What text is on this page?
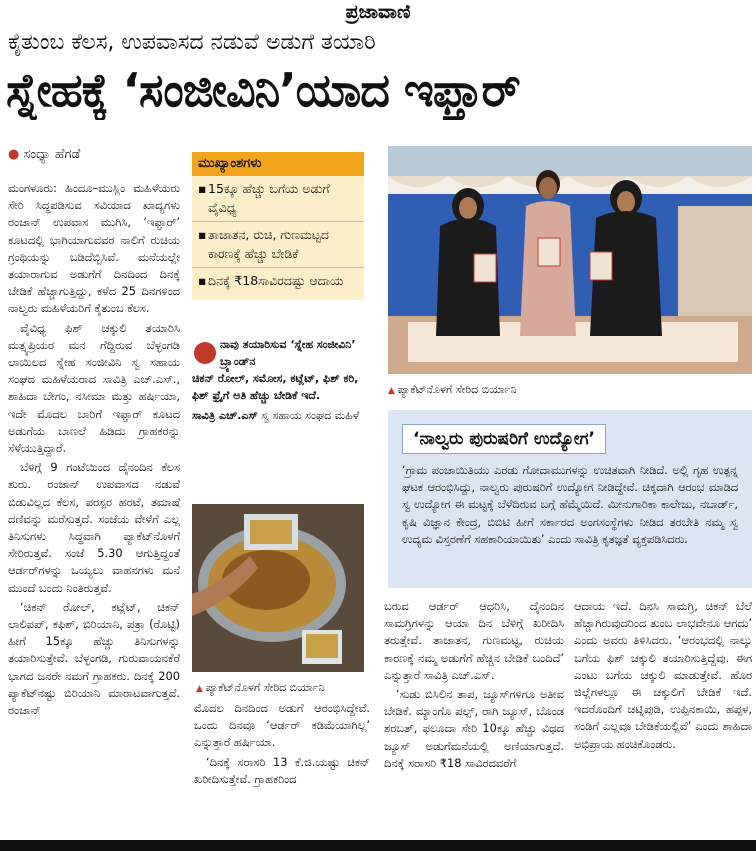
ಪ್ರಜಾವಾಣಿ
ಕೈತುಂಬ ಕೆಲಸ, ಉಪವಾಸದ ನಡುವೆ ಅಡುಗೆ ತಯಾರಿ
ಸ್ನೇಹಕ್ಕೆ ‘ಸಂಜೀವಿನಿ’ಯಾದ ಇಫ್ತಾರ್
● ಸಂಧ್ಯಾ ಹೆಗಡೆ

ಮಂಗಳೂರು: ಹಿಂದೂ–ಮುಸ್ಲಿಂ ಮಹಿಳೆಯರು ಸೇರಿ ಸಿದ್ಧಪಡಿಸುವ ಸವಿಯಾದ ಖಾದ್ಯಗಳು ರಂಜಾನ್ ಉಪವಾಸ ಮುಗಿಸಿ, ‘ಇಫ್ತಾರ್’ ಕೂಟದಲ್ಲಿ ಭಾಗಿಯಾಗುವವರ ನಾಲಿಗೆ ರುಚಿಯ ಗ್ರಂಥಿಯನ್ನು ಬಡಿದೆಬ್ಬಿಸಿವೆ. ಮನೆಯಲ್ಲೇ ತಯಾರಾಗುವ ಅಡುಗೆಗೆ ದಿನದಿಂದ ದಿನಕ್ಕೆ ಬೇಡಿಕೆ ಹೆಚ್ಚಾಗುತ್ತಿದ್ದು, ಕಳೆದ 25 ದಿನಗಳಿಂದ ನಾಲ್ವರು ಮಹಿಳೆಯರಿಗೆ ಕೈತುಂಬ ಕೆಲಸ.

ವೈವಿಧ್ಯ ಫಿಶ್ ಚಕ್ಕುಲಿ ತಯಾರಿಸಿ ಮತ್ಸ್ಯಪ್ರಿಯರ ಮನ ಗೆದ್ದಿರುವ ಬೆಳ್ಳಂಗಡಿ ಲಾಯಿಲದ ಸ್ನೇಹ ಸಂಜೀವಿನಿ ಸ್ವ ಸಹಾಯ ಸಂಘದ ಮಹಿಳೆಯರಾದ ಸಾವಿತ್ರಿ ಎಚ್.ಎಸ್., ಶಾಹಿದಾ ಬೇಗಂ, ನಸೀಮಾ ಮತ್ತು ಹರ್ಷಿಯಾ, ಇದೇ ಮೊದಲ ಬಾರಿಗೆ ಇಫ್ತಾರ್ ಕೂಟದ ಅಡುಗೆಯ ಬಾಣಲೆ ಹಿಡಿದು ಗ್ರಾಹಕರನ್ನು ಸೆಳೆಯುತ್ತಿದ್ದಾರೆ.

ಬೆಳಿಗ್ಗೆ 9 ಗಂಟೆಯಿಂದ ದೈನಂದಿನ ಕೆಲಸ ಶುರು. ರಂಜಾನ್ ಉಪವಾಸದ ನಡುವೆ ಬಿಡುವಿಲ್ಲದ ಕೆಲಸ, ಪರಸ್ಪರ ಹರಟೆ, ತಮಾಷೆ ದಣಿವನ್ನು ಮರೆಸುತ್ತದೆ. ಸಂಜೆಯ ವೇಳೆಗೆ ಎಲ್ಲ ತಿನಿಸುಗಳು ಸಿದ್ಧವಾಗಿ ಪ್ಯಾಕೆಟ್‌ನೊಳಗೆ ಸೇರಿರುತ್ತವೆ. ಸಂಜೆ 5.30 ಆಗುತ್ತಿದ್ದಂತೆ ಆರ್ಡರ್‌ಗಳನ್ನು ಒಯ್ಯಲು ವಾಹನಗಳು ಮನೆ ಮುಂದೆ ಬಂದು ನಿಂತಿರುತ್ತವೆ.

‘ಚಿಕನ್ ರೋಲ್, ಕಟ್ಲೆಟ್, ಚಿಕನ್ ಲಾಲಿಪಪ್, ಕಫಿಶ್, ಬಿರಿಯಾನಿ, ಪತ್ರಾ (ರೊಟ್ಟಿ) ಹೀಗೆ 15ಕ್ಕೂ ಹೆಚ್ಚು ತಿನಿಸುಗಳನ್ನು ತಯಾರಿಸುತ್ತೇವೆ. ಬೆಳ್ಳಂಗಡಿ, ಗುರುವಾಯನಕೆರೆ ಭಾಗದ ಜನರೇ ನಮಗೆ ಗ್ರಾಹಕರು. ದಿನಕ್ಕೆ 200 ಪ್ಯಾಕೆಟ್‌ನಷ್ಟು ಬಿರಿಯಾನಿ ಮಾರಾಟವಾಗುತ್ತವೆ. ರಂಜಾನ್

ಮುಖ್ಯಾಂಶಗಳು
▪ 15ಕ್ಕೂ ಹೆಚ್ಚು ಬಗೆಯ ಅಡುಗೆ ವೈವಿಧ್ಯ
▪ ತಾಜಾತನ, ರುಚಿ, ಗುಣಮಟ್ಟದ ಕಾರಣಕ್ಕೆ ಹೆಚ್ಚು ಬೇಡಿಕೆ
▪ ದಿನಕ್ಕೆ ₹18ಸಾವಿರದಷ್ಟು ಆದಾಯ
ನಾವು ತಯಾರಿಸುವ ‘ಸ್ನೇಹ ಸಂಜೀವಿನಿ’ ಬ್ರ್ಯಾಂಡ್‌ನ
ಚಿಕನ್ ರೋಲ್, ಸಮೋಸ, ಕಟ್ಲೆಟ್, ಫಿಶ್ ಕರಿ, ಫಿಶ್ ಫ್ರೈಗೆ ಅತಿ ಹೆಚ್ಚು ಬೇಡಿಕೆ ಇದೆ.
ಸಾವಿತ್ರಿ ಎಚ್.ಎಸ್ ಸ್ವ ಸಹಾಯ ಸಂಘದ ಮಹಿಳೆ
▲ ಪ್ಯಾಕೆಟ್‌ನೊಳಗೆ ಸೇರಿದ ಬಿರ್ಯಾನಿ
‘ನಾಲ್ವರು ಪುರುಷರಿಗೆ ಉದ್ಯೋಗ’
‘ಗ್ರಾಮ ಪಂಚಾಯಿತಿಯು ಎರಡು ಗೋದಾಮುಗಳನ್ನು ಉಚಿತವಾಗಿ ನೀಡಿದೆ. ಅಲ್ಲಿ ಗೃಹ ಉತ್ಪನ್ನ ಘಟಕ ಆರಂಭಿಸಿದ್ದು, ನಾಲ್ವರು ಪುರುಷರಿಗೆ ಉದ್ಯೋಗ ನೀಡಿದ್ದೇವೆ. ಚಿಕ್ಕದಾಗಿ ಆರಂಭ ಮಾಡಿದ ಸ್ವ ಉದ್ಯೋಗ ಈ ಮಟ್ಟಕ್ಕೆ ಬೆಳೆದಿರುವ ಬಗ್ಗೆ ಹೆಮ್ಮೆಯಿದೆ. ಮೀನುಗಾರಿಕಾ ಕಾಲೇಜು, ನಬಾರ್ಡ್, ಕೃಷಿ ವಿಜ್ಞಾನ ಕೇಂದ್ರ, ಬಿಬಿಟಿ ಹೀಗೆ ಸರ್ಕಾರದ ಅಂಗಸಂಸ್ಥೆಗಳು ನೀಡಿದ ತರಬೇತಿ ನಮ್ಮ ಸ್ವ ಉದ್ಯಮ ವಿಸ್ತರಣೆಗೆ ಸಹಕಾರಿಯಾಯಿತು’ ಎಂದು ಸಾವಿತ್ರಿ ಕೃತಜ್ಞತೆ ವ್ಯಕ್ತಪಡಿಸಿದರು.
▲ ಪ್ಯಾಕೆಟ್‌ನೊಳಗೆ ಸೇರಿದ ಬಿರ್ಯಾನಿ

ಮೊದಲ ದಿನದಿಂದ ಅಡುಗೆ ಆರಂಭಿಸಿದ್ದೇವೆ. ಒಂದು ದಿನವೂ ‘ಆರ್ಡರ್ ಕಡಿಮೆಯಾಗಿಲ್ಲ’ ಎನ್ನುತ್ತಾರೆ ಹರ್ಷಿಯಾ.

‘ದಿನಕ್ಕೆ ಸರಾಸರಿ 13 ಕೆ.ಜಿ.ಯಷ್ಟು ಚಿಕನ್ ಖರೀದಿಸುತ್ತೇವೆ. ಗ್ರಾಹಕರಿಂದ

ಬರುವ ಆರ್ಡರ್ ಆಧರಿಸಿ, ದೈನಂದಿನ ಸಾಮಗ್ರಿಗಳನ್ನು ಆಯಾ ದಿನ ಬೆಳಿಗ್ಗೆ ಖರೀದಿಸಿ ತರುತ್ತೇವೆ. ತಾಜಾತನ, ಗುಣಮಟ್ಟ, ರುಚಿಯ ಕಾರಣಕ್ಕೆ ನಮ್ಮ ಅಡುಗೆಗೆ ಹೆಚ್ಚಿನ ಬೇಡಿಕೆ ಬಂದಿದೆ’ ಎನ್ನುತ್ತಾರೆ ಸಾವಿತ್ರಿ ಎಚ್.ಎಸ್.

‘ಸುಡು ಬಿಸಿಲಿನ ತಾಪ, ಜ್ಯೂಸ್‌ಗಳಿಗೂ ಅತೀವ ಬೇಡಿಕೆ. ಮ್ಯಾಂಗೊ ಪಲ್ಪ್, ರಾಗಿ ಜ್ಯೂಸ್, ಬೊಂಡ ಶರಬತ್, ಫಲೂದಾ ಸೇರಿ 10ಕ್ಕೂ ಹೆಚ್ಚು ವಿಧದ ಜ್ಯೂಸ್ ಅಡುಗೆಮನೆಯಲ್ಲಿ ಅಣಿಯಾಗುತ್ತದೆ. ದಿನಕ್ಕೆ ಸರಾಸರಿ ₹18 ಸಾವಿರದವರೆಗೆ

ಆದಾಯ ಇದೆ. ದಿನಸಿ ಸಾಮಗ್ರಿ, ಚಿಕನ್ ಬೆಲೆ ಹೆಚ್ಚಾಗಿರುವುದರಿಂದ ತುಂಬ ಲಾಭವೇನೂ ಆಗದು’ ಎಂದು ಅವರು ತಿಳಿಸಿದರು. ‘ಆರಂಭದಲ್ಲಿ ನಾಲ್ಕು ಬಗೆಯ ಫಿಶ್ ಚಕ್ಕುಲಿ ತಯಾರಿಸುತ್ತಿದ್ದೆವು. ಈಗ ಎಂಟು ಬಗೆಯ ಚಕ್ಕುಲಿ ಮಾಡುತ್ತೇವೆ. ಹೊರ ಜಿಲ್ಲೆಗಳಲ್ಲೂ ಈ ಚಕ್ಕುಲಿಗೆ ಬೇಡಿಕೆ ಇದೆ. ಇದರೊಂದಿಗೆ ಚಟ್ನಿಪುಡಿ, ಉಪ್ಪಿನಕಾಯಿ, ಹಪ್ಪಳ, ಸಂಡಿಗೆ ಎಲ್ಲವೂ ಬೇಡಿಕೆಯಲ್ಲಿವೆ’ ಎಂದು ಶಾಹಿದಾ ಅಭಿಪ್ರಾಯ ಹಂಚಿಕೊಂಡರು.
